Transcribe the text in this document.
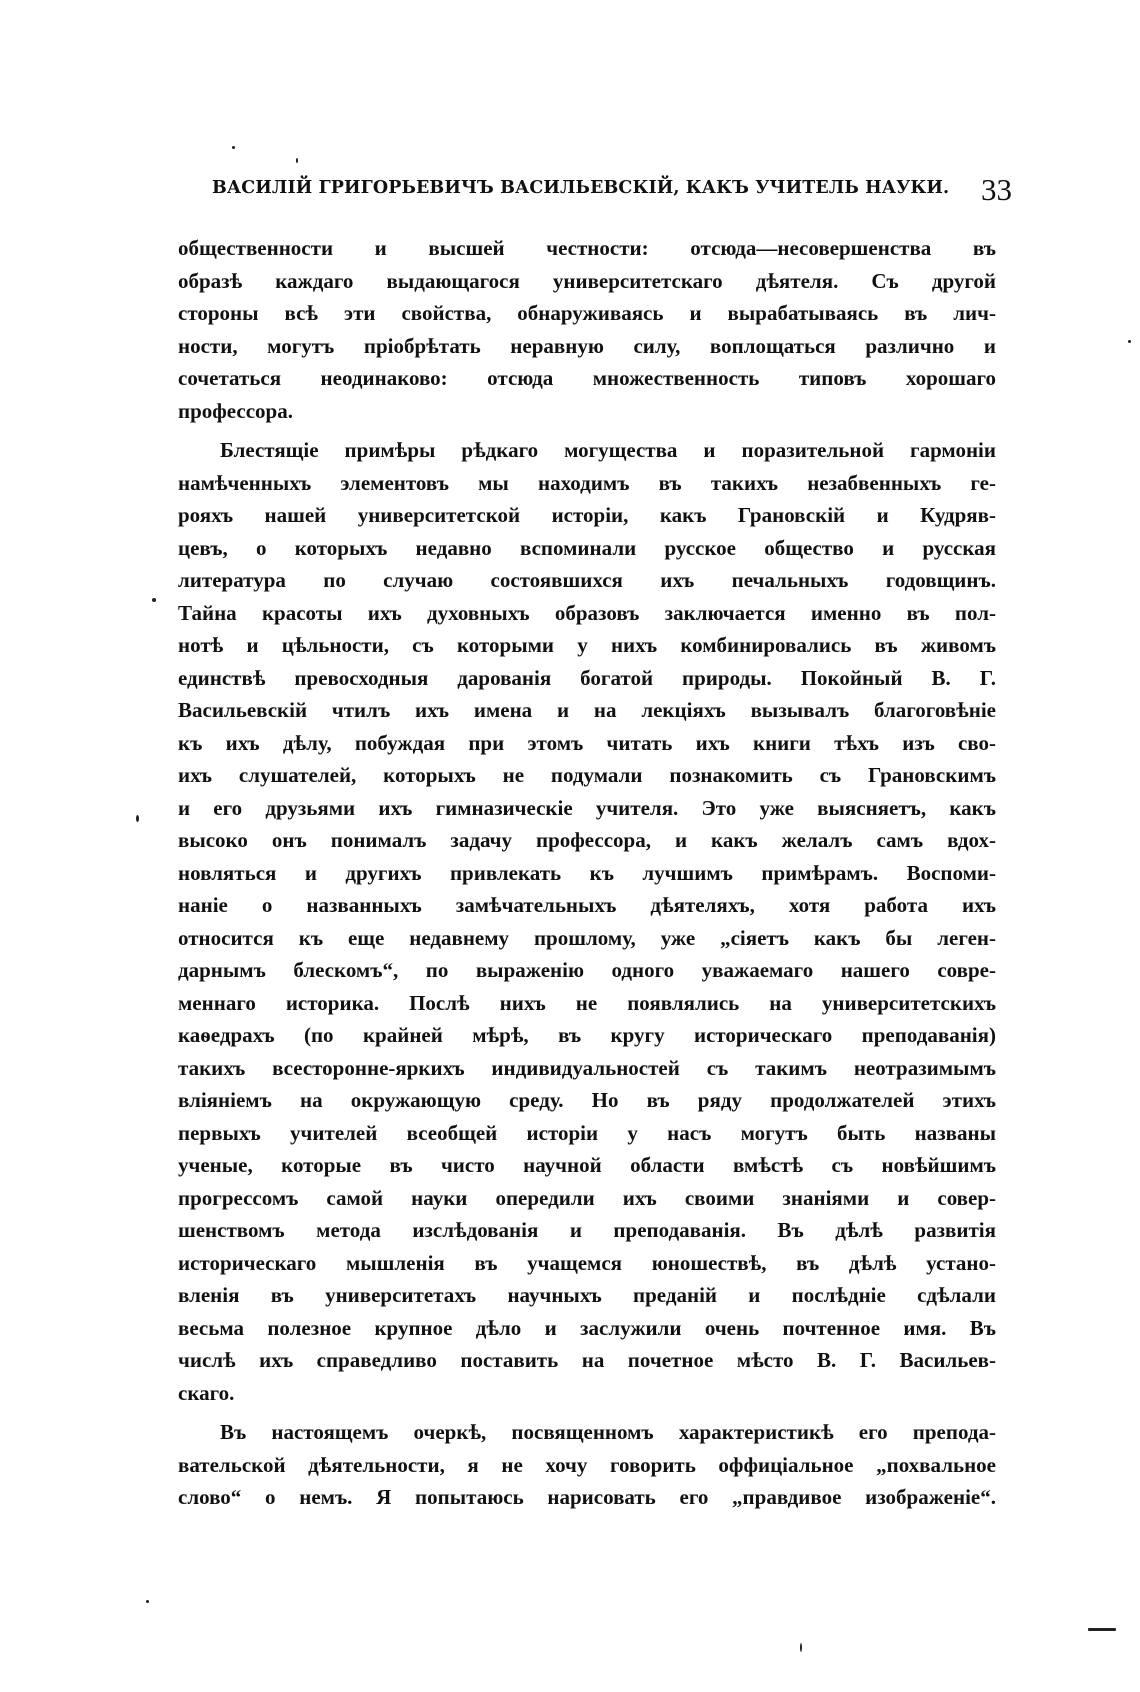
ВАСИЛІЙ ГРИГОРЬЕВИЧЪ ВАСИЛЬЕВСКІЙ, КАКЪ УЧИТЕЛЬ НАУКИ. 33
общественности и высшей честности: отсюда—несовершенства въ
образѣ каждаго выдающагося университетскаго дѣятеля. Съ другой
стороны всѣ эти свойства, обнаруживаясь и вырабатываясь въ лич-
ности, могутъ пріобрѣтать неравную силу, воплощаться различно и
сочетаться неодинаково: отсюда множественность типовъ хорошаго
профессора.
Блестящіе примѣры рѣдкаго могущества и поразительной гармоніи
намѣченныхъ элементовъ мы находимъ въ такихъ незабвенныхъ ге-
рояхъ нашей университетской исторіи, какъ Грановскій и Кудряв-
цевъ, о которыхъ недавно вспоминали русское общество и русская
литература по случаю состоявшихся ихъ печальныхъ годовщинъ.
Тайна красоты ихъ духовныхъ образовъ заключается именно въ пол-
нотѣ и цѣльности, съ которыми у нихъ комбинировались въ живомъ
единствѣ превосходныя дарованія богатой природы. Покойный В. Г.
Васильевскій чтилъ ихъ имена и на лекціяхъ вызывалъ благоговѣніе
къ ихъ дѣлу, побуждая при этомъ читать ихъ книги тѣхъ изъ сво-
ихъ слушателей, которыхъ не подумали познакомить съ Грановскимъ
и его друзьями ихъ гимназическіе учителя. Это уже выясняетъ, какъ
высоко онъ понималъ задачу профессора, и какъ желалъ самъ вдох-
новляться и другихъ привлекать къ лучшимъ примѣрамъ. Воспоми-
наніе о названныхъ замѣчательныхъ дѣятеляхъ, хотя работа ихъ
относится къ еще недавнему прошлому, уже „сіяетъ какъ бы леген-
дарнымъ блескомъ“, по выраженію одного уважаемаго нашего совре-
меннаго историка. Послѣ нихъ не появлялись на университетскихъ
каѳедрахъ (по крайней мѣрѣ, въ кругу историческаго преподаванія)
такихъ всесторонне-яркихъ индивидуальностей съ такимъ неотразимымъ
вліяніемъ на окружающую среду. Но въ ряду продолжателей этихъ
первыхъ учителей всеобщей исторіи у насъ могутъ быть названы
ученые, которые въ чисто научной области вмѣстѣ съ новѣйшимъ
прогрессомъ самой науки опередили ихъ своими знаніями и совер-
шенствомъ метода изслѣдованія и преподаванія. Въ дѣлѣ развитія
историческаго мышленія въ учащемся юношествѣ, въ дѣлѣ устано-
вленія въ университетахъ научныхъ преданій и послѣдніе сдѣлали
весьма полезное крупное дѣло и заслужили очень почтенное имя. Въ
числѣ ихъ справедливо поставить на почетное мѣсто В. Г. Васильев-
скаго.
Въ настоящемъ очеркѣ, посвященномъ характеристикѣ его препода-
вательской дѣятельности, я не хочу говорить оффиціальное „похвальное
слово“ о немъ. Я попытаюсь нарисовать его „правдивое изображеніе“.
